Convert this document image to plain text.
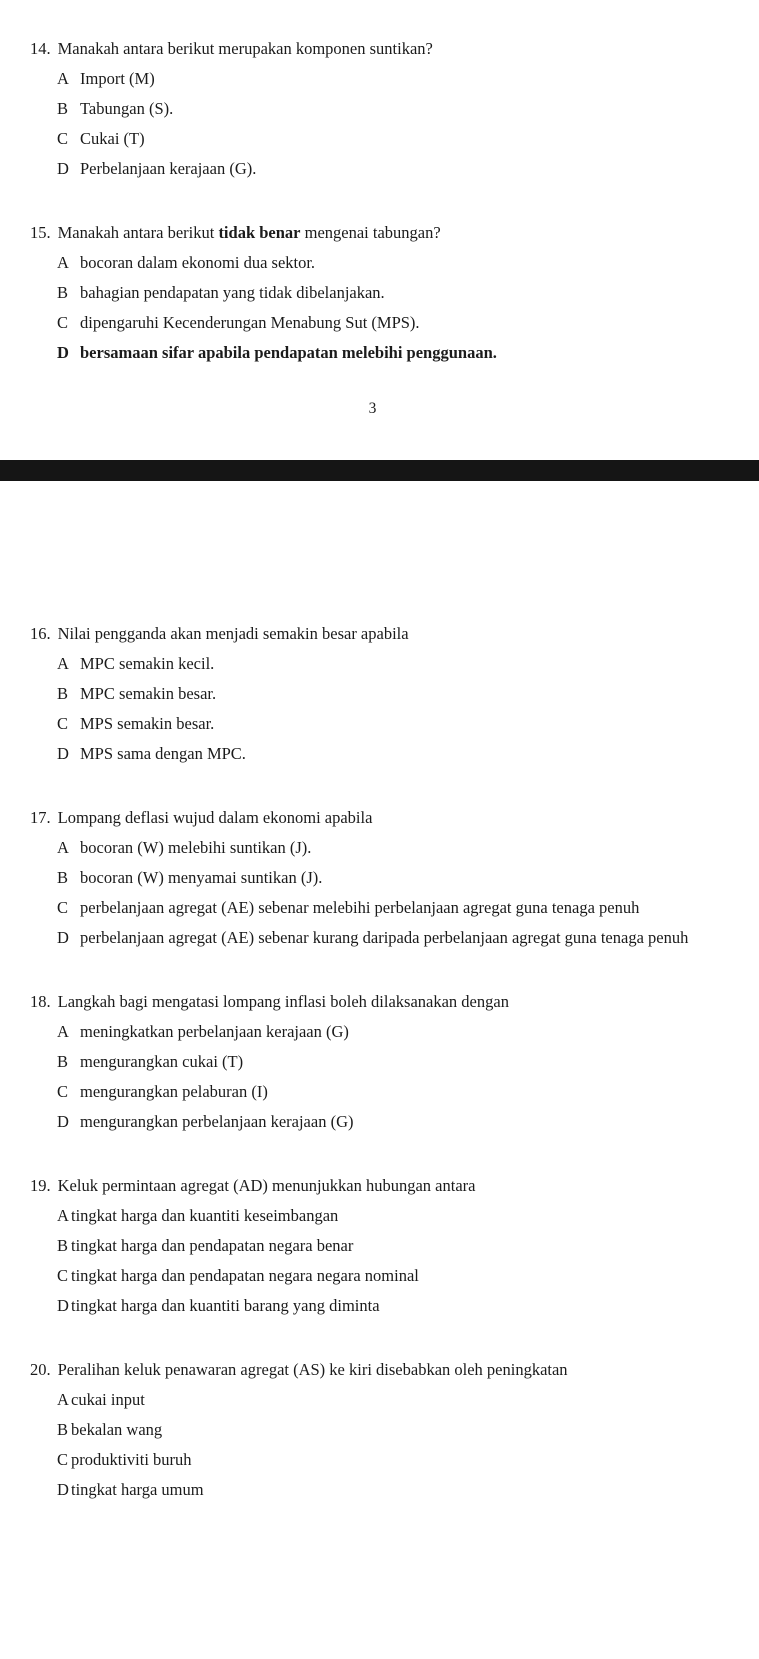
14. Manakah antara berikut merupakan komponen suntikan?
A Import (M)
B Tabungan (S).
C Cukai (T)
D Perbelanjaan kerajaan (G).
15. Manakah antara berikut tidak benar mengenai tabungan?
A bocoran dalam ekonomi dua sektor.
B bahagian pendapatan yang tidak dibelanjakan.
C dipengaruhi Kecenderungan Menabung Sut (MPS).
D bersamaan sifar apabila pendapatan melebihi penggunaan.
3
16. Nilai pengganda akan menjadi semakin besar apabila
A MPC semakin kecil.
B MPC semakin besar.
C MPS semakin besar.
D MPS sama dengan MPC.
17. Lompang deflasi wujud dalam ekonomi apabila
A bocoran (W) melebihi suntikan (J).
B bocoran (W) menyamai suntikan (J).
C perbelanjaan agregat (AE) sebenar melebihi perbelanjaan agregat guna tenaga penuh
D perbelanjaan agregat (AE) sebenar kurang daripada perbelanjaan agregat guna tenaga penuh
18. Langkah bagi mengatasi lompang inflasi boleh dilaksanakan dengan
A meningkatkan perbelanjaan kerajaan (G)
B mengurangkan cukai (T)
C mengurangkan pelaburan (I)
D mengurangkan perbelanjaan kerajaan (G)
19. Keluk permintaan agregat (AD) menunjukkan hubungan antara
A tingkat harga dan kuantiti keseimbangan
B tingkat harga dan pendapatan negara benar
C tingkat harga dan pendapatan negara negara nominal
D tingkat harga dan kuantiti barang yang diminta
20. Peralihan keluk penawaran agregat (AS) ke kiri disebabkan oleh peningkatan
A cukai input
B bekalan wang
C produktiviti buruh
D tingkat harga umum
